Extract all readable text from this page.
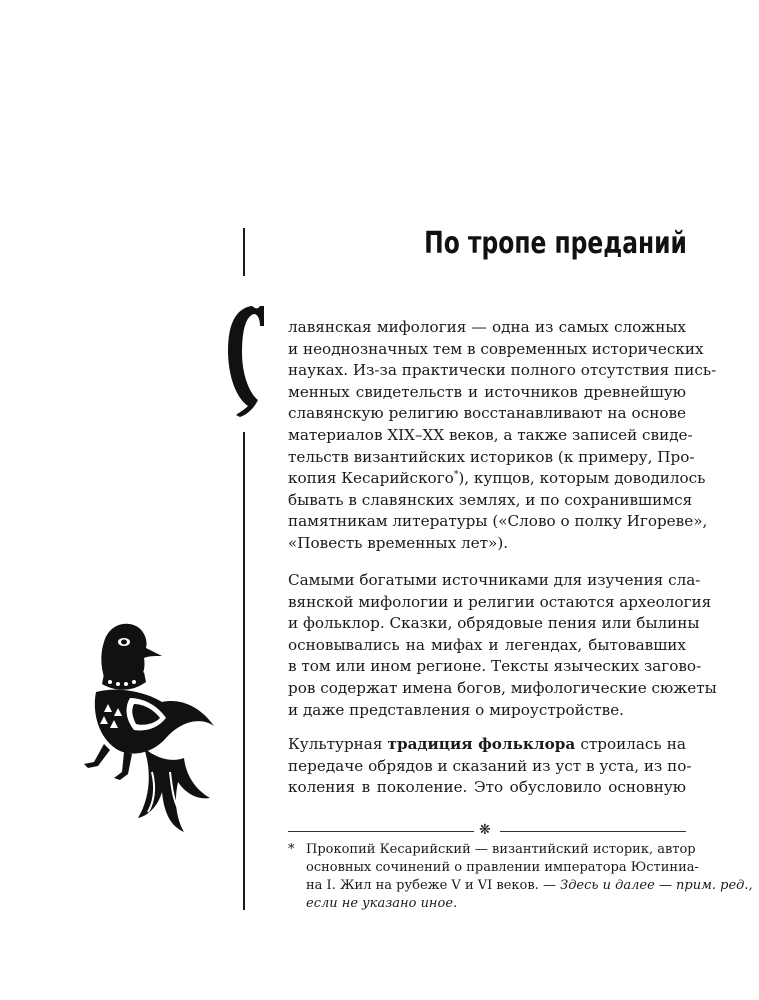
По тропе преданий
лавянская мифология — одна из самых сложных
и неоднозначных тем в современных исторических
науках. Из-за практически полного отсутствия пись-
менных свидетельств и источников древнейшую
славянскую религию восстанавливают на основе
материалов XIX–XX веков, а также записей свиде-
тельств византийских историков (к примеру, Про-
копия Кесарийского*), купцов, которым доводилось
бывать в славянских землях, и по сохранившимся
памятникам литературы («Слово о полку Игореве»,
«Повесть временных лет»).
Самыми богатыми источниками для изучения сла-
вянской мифологии и религии остаются археология
и фольклор. Сказки, обрядовые пения или былины
основывались на мифах и легендах, бытовавших
в том или ином регионе. Тексты языческих загово-
ров содержат имена богов, мифологические сюжеты
и даже представления о мироустройстве.
Культурная традиция фольклора строилась на
передаче обрядов и сказаний из уст в уста, из по-
коления в поколение. Это обусловило основную
❋
* Прокопий Кесарийский — византийский историк, автор
основных сочинений о правлении императора Юстиниа-
на I. Жил на рубеже V и VI веков. — Здесь и далее — прим. ред.,
если не указано иное.
